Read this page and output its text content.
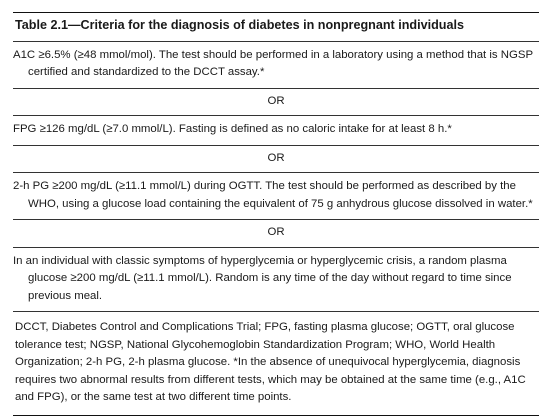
Table 2.1—Criteria for the diagnosis of diabetes in nonpregnant individuals
A1C ≥6.5% (≥48 mmol/mol). The test should be performed in a laboratory using a method that is NGSP certified and standardized to the DCCT assay.*
OR
FPG ≥126 mg/dL (≥7.0 mmol/L). Fasting is defined as no caloric intake for at least 8 h.*
OR
2-h PG ≥200 mg/dL (≥11.1 mmol/L) during OGTT. The test should be performed as described by the WHO, using a glucose load containing the equivalent of 75 g anhydrous glucose dissolved in water.*
OR
In an individual with classic symptoms of hyperglycemia or hyperglycemic crisis, a random plasma glucose ≥200 mg/dL (≥11.1 mmol/L). Random is any time of the day without regard to time since previous meal.
DCCT, Diabetes Control and Complications Trial; FPG, fasting plasma glucose; OGTT, oral glucose tolerance test; NGSP, National Glycohemoglobin Standardization Program; WHO, World Health Organization; 2-h PG, 2-h plasma glucose. *In the absence of unequivocal hyperglycemia, diagnosis requires two abnormal results from different tests, which may be obtained at the same time (e.g., A1C and FPG), or the same test at two different time points.
